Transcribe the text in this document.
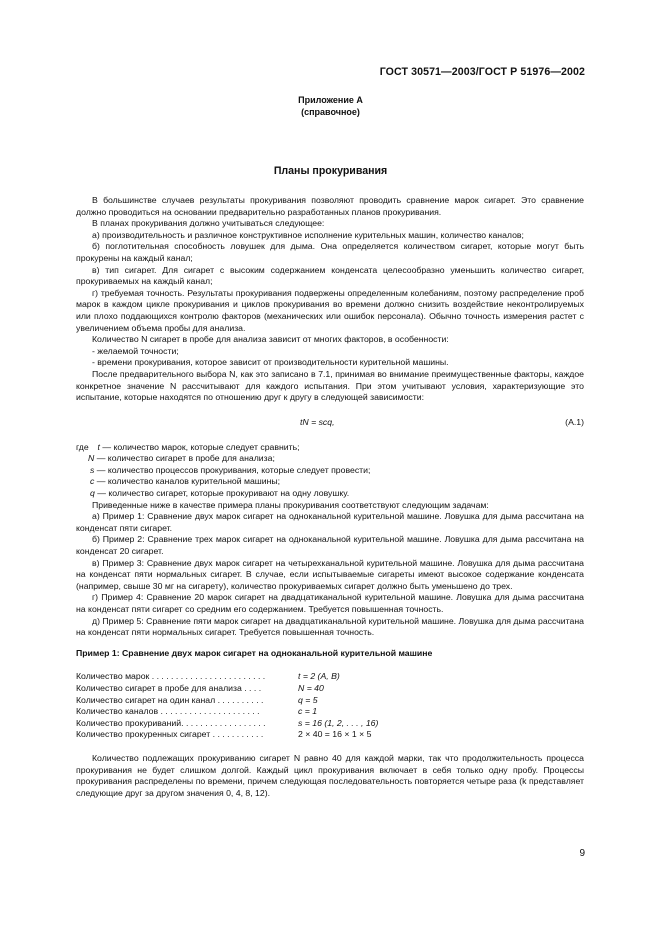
ГОСТ 30571—2003/ГОСТ Р 51976—2002
Приложение А
(справочное)
Планы прокуривания

В большинстве случаев результаты прокуривания позволяют проводить сравнение марок сигарет. Это сравнение должно проводиться на основании предварительно разработанных планов прокуривания.

В планах прокуривания должно учитываться следующее:

а) производительность и различное конструктивное исполнение курительных машин, количество каналов;

б) поглотительная способность ловушек для дыма. Она определяется количеством сигарет, которые могут быть прокурены на каждый канал;

в) тип сигарет. Для сигарет с высоким содержанием конденсата целесообразно уменьшить количество сигарет, прокуриваемых на каждый канал;

г) требуемая точность. Результаты прокуривания подвержены определенным колебаниям, поэтому распределение проб марок в каждом цикле прокуривания и циклов прокуривания во времени должно снизить воздействие неконтролируемых или плохо поддающихся контролю факторов (механических или ошибок персонала). Обычно точность измерения растет с увеличением объема пробы для анализа.

Количество N сигарет в пробе для анализа зависит от многих факторов, в особенности:

- желаемой точности;

- времени прокуривания, которое зависит от производительности курительной машины.

После предварительного выбора N, как это записано в 7.1, принимая во внимание преимущественные факторы, каждое конкретное значение N рассчитывают для каждого испытания. При этом учитывают условия, характеризующие это испытание, которые находятся по отношению друг к другу в следующей зависимости:

tN = scq,	(А.1)
где t — количество марок, которые следует сравнить;
N — количество сигарет в пробе для анализа;
s — количество процессов прокуривания, которые следует провести;
c — количество каналов курительной машины;
q — количество сигарет, которые прокуривают на одну ловушку.

Приведенные ниже в качестве примера планы прокуривания соответствуют следующим задачам:

а) Пример 1: Сравнение двух марок сигарет на одноканальной курительной машине. Ловушка для дыма рассчитана на конденсат пяти сигарет.

б) Пример 2: Сравнение трех марок сигарет на одноканальной курительной машине. Ловушка для дыма рассчитана на конденсат 20 сигарет.

в) Пример 3: Сравнение двух марок сигарет на четырехканальной курительной машине. Ловушка для дыма рассчитана на конденсат пяти нормальных сигарет. В случае, если испытываемые сигареты имеют высокое содержание конденсата (например, свыше 30 мг на сигарету), количество прокуриваемых сигарет должно быть уменьшено до трех.

г) Пример 4: Сравнение 20 марок сигарет на двадцатиканальной курительной машине. Ловушка для дыма рассчитана на конденсат пяти сигарет со средним его содержанием. Требуется повышенная точность.

д) Пример 5: Сравнение пяти марок сигарет на двадцатиканальной курительной машине. Ловушка для дыма рассчитана на конденсат пяти нормальных сигарет. Требуется повышенная точность.

Пример 1: Сравнение двух марок сигарет на одноканальной курительной машине

Количество марок . . . . . . . . . . . . . . . . . . . . . . . .	t = 2 (A, B)
Количество сигарет в пробе для анализа . . . .	N = 40
Количество сигарет на один канал . . . . . . . . . .	q = 5
Количество каналов . . . . . . . . . . . . . . . . . . . . .	c = 1
Количество прокуриваний. . . . . . . . . . . . . . . . . .	s = 16 (1, 2, . . . , 16)
Количество прокуренных сигарет . . . . . . . . . . .	2 × 40 = 16 × 1 × 5

Количество подлежащих прокуриванию сигарет N равно 40 для каждой марки, так что продолжительность процесса прокуривания не будет слишком долгой. Каждый цикл прокуривания включает в себя только одну пробу. Процессы прокуривания распределены по времени, причем следующая последовательность повторяется четыре раза (k представляет следующие друг за другом значения 0, 4, 8, 12).

9
